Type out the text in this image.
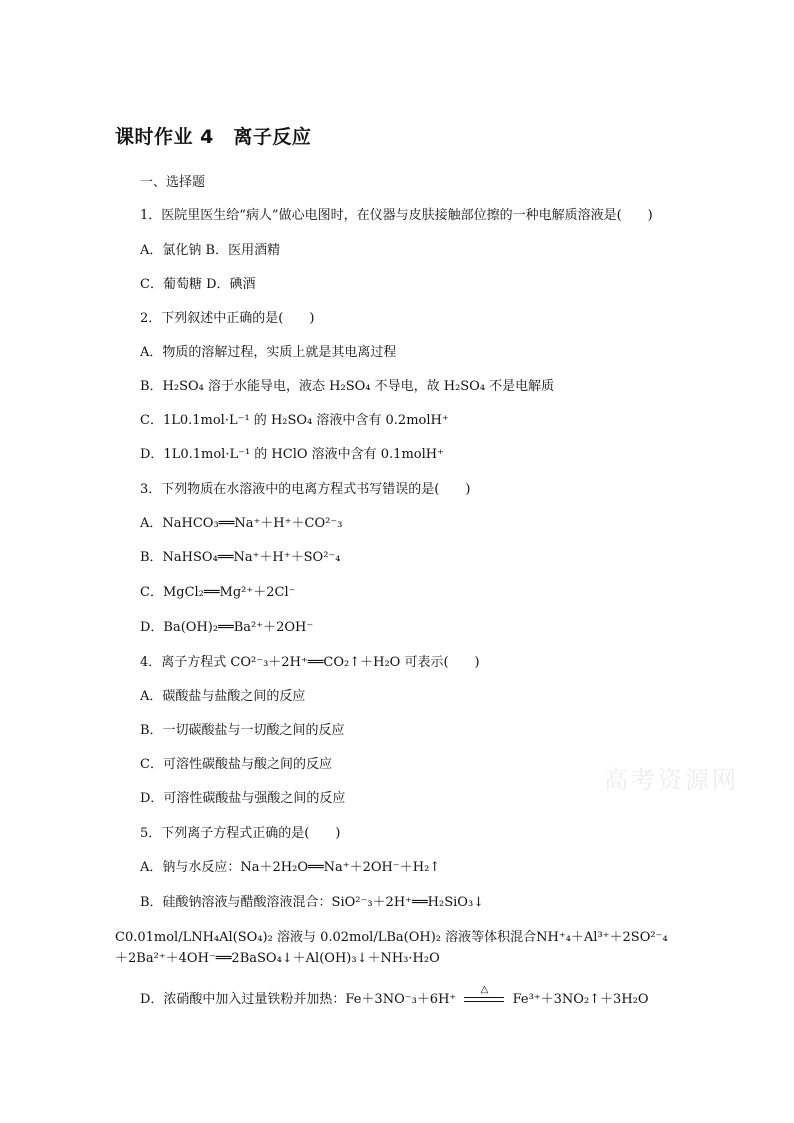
课时作业 4　离子反应
一、选择题
1．医院里医生给“病人”做心电图时，在仪器与皮肤接触部位擦的一种电解质溶液是(　　)
A．氯化钠 B．医用酒精
C．葡萄糖 D．碘酒
2．下列叙述中正确的是(　　)
A．物质的溶解过程，实质上就是其电离过程
B．H₂SO₄ 溶于水能导电，液态 H₂SO₄ 不导电，故 H₂SO₄ 不是电解质
C．1L0.1mol·L⁻¹ 的 H₂SO₄ 溶液中含有 0.2molH⁺
D．1L0.1mol·L⁻¹ 的 HClO 溶液中含有 0.1molH⁺
3．下列物质在水溶液中的电离方程式书写错误的是(　　)
A．NaHCO₃══Na⁺＋H⁺＋CO²⁻₃
B．NaHSO₄══Na⁺＋H⁺＋SO²⁻₄
C．MgCl₂══Mg²⁺＋2Cl⁻
D．Ba(OH)₂══Ba²⁺＋2OH⁻
4．离子方程式 CO²⁻₃＋2H⁺══CO₂↑＋H₂O 可表示(　　)
A．碳酸盐与盐酸之间的反应
B．一切碳酸盐与一切酸之间的反应
C．可溶性碳酸盐与酸之间的反应
D．可溶性碳酸盐与强酸之间的反应
5．下列离子方程式正确的是(　　)
A．钠与水反应：Na＋2H₂O══Na⁺＋2OH⁻＋H₂↑
B．硅酸钠溶液与醋酸溶液混合：SiO²⁻₃＋2H⁺══H₂SiO₃↓
C0.01mol/LNH₄Al(SO₄)₂ 溶液与 0.02mol/LBa(OH)₂ 溶液等体积混合NH⁺₄＋Al³⁺＋2SO²⁻₄＋2Ba²⁺＋4OH⁻══2BaSO₄↓＋Al(OH)₃↓＋NH₃·H₂O
D．浓硝酸中加入过量铁粉并加热：Fe＋3NO⁻₃＋6H⁺
△
Fe³⁺＋3NO₂↑＋3H₂O
高考资源网
